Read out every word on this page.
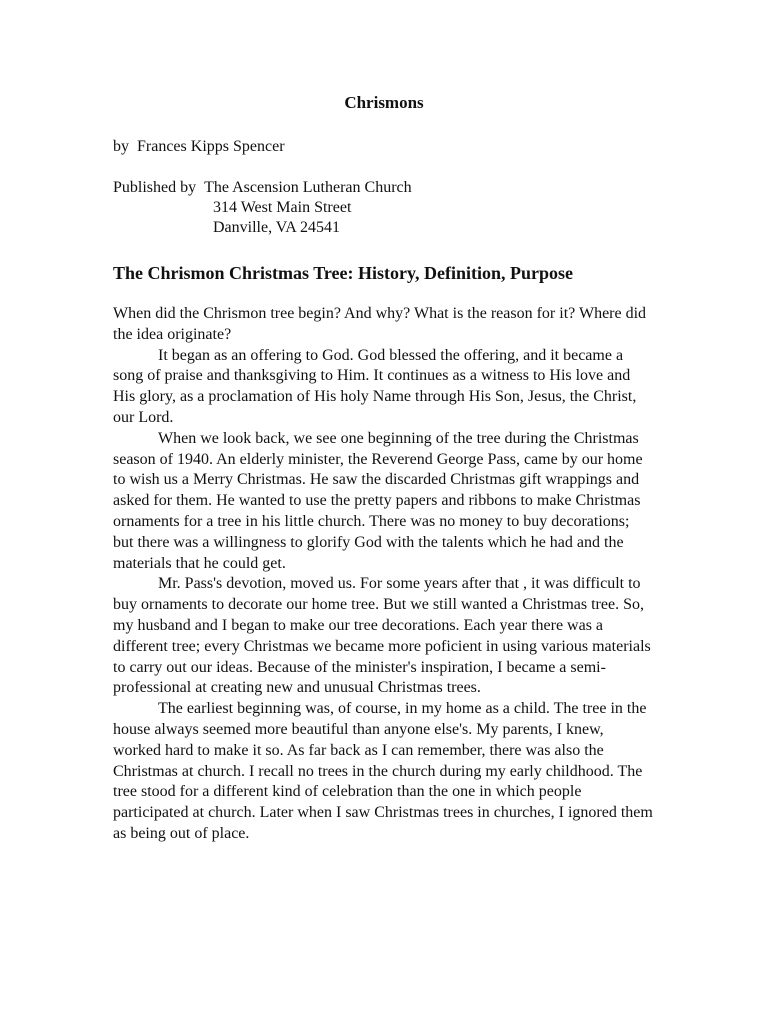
Chrismons

by Frances Kipps Spencer

Published by The Ascension Lutheran Church
314 West Main Street
Danville, VA 24541
The Chrismon Christmas Tree: History, Definition, Purpose

When did the Chrismon tree begin? And why? What is the reason for it? Where did the idea originate?

It began as an offering to God. God blessed the offering, and it became a song of praise and thanksgiving to Him. It continues as a witness to His love and His glory, as a proclamation of His holy Name through His Son, Jesus, the Christ, our Lord.

When we look back, we see one beginning of the tree during the Christmas season of 1940. An elderly minister, the Reverend George Pass, came by our home to wish us a Merry Christmas. He saw the discarded Christmas gift wrappings and asked for them. He wanted to use the pretty papers and ribbons to make Christmas ornaments for a tree in his little church. There was no money to buy decorations; but there was a willingness to glorify God with the talents which he had and the materials that he could get.

Mr. Pass's devotion, moved us. For some years after that , it was difficult to buy ornaments to decorate our home tree. But we still wanted a Christmas tree. So, my husband and I began to make our tree decorations. Each year there was a different tree; every Christmas we became more poficient in using various materials to carry out our ideas. Because of the minister's inspiration, I became a semi-professional at creating new and unusual Christmas trees.

The earliest beginning was, of course, in my home as a child. The tree in the house always seemed more beautiful than anyone else's. My parents, I knew, worked hard to make it so. As far back as I can remember, there was also the Christmas at church. I recall no trees in the church during my early childhood. The tree stood for a different kind of celebration than the one in which people participated at church. Later when I saw Christmas trees in churches, I ignored them as being out of place.
